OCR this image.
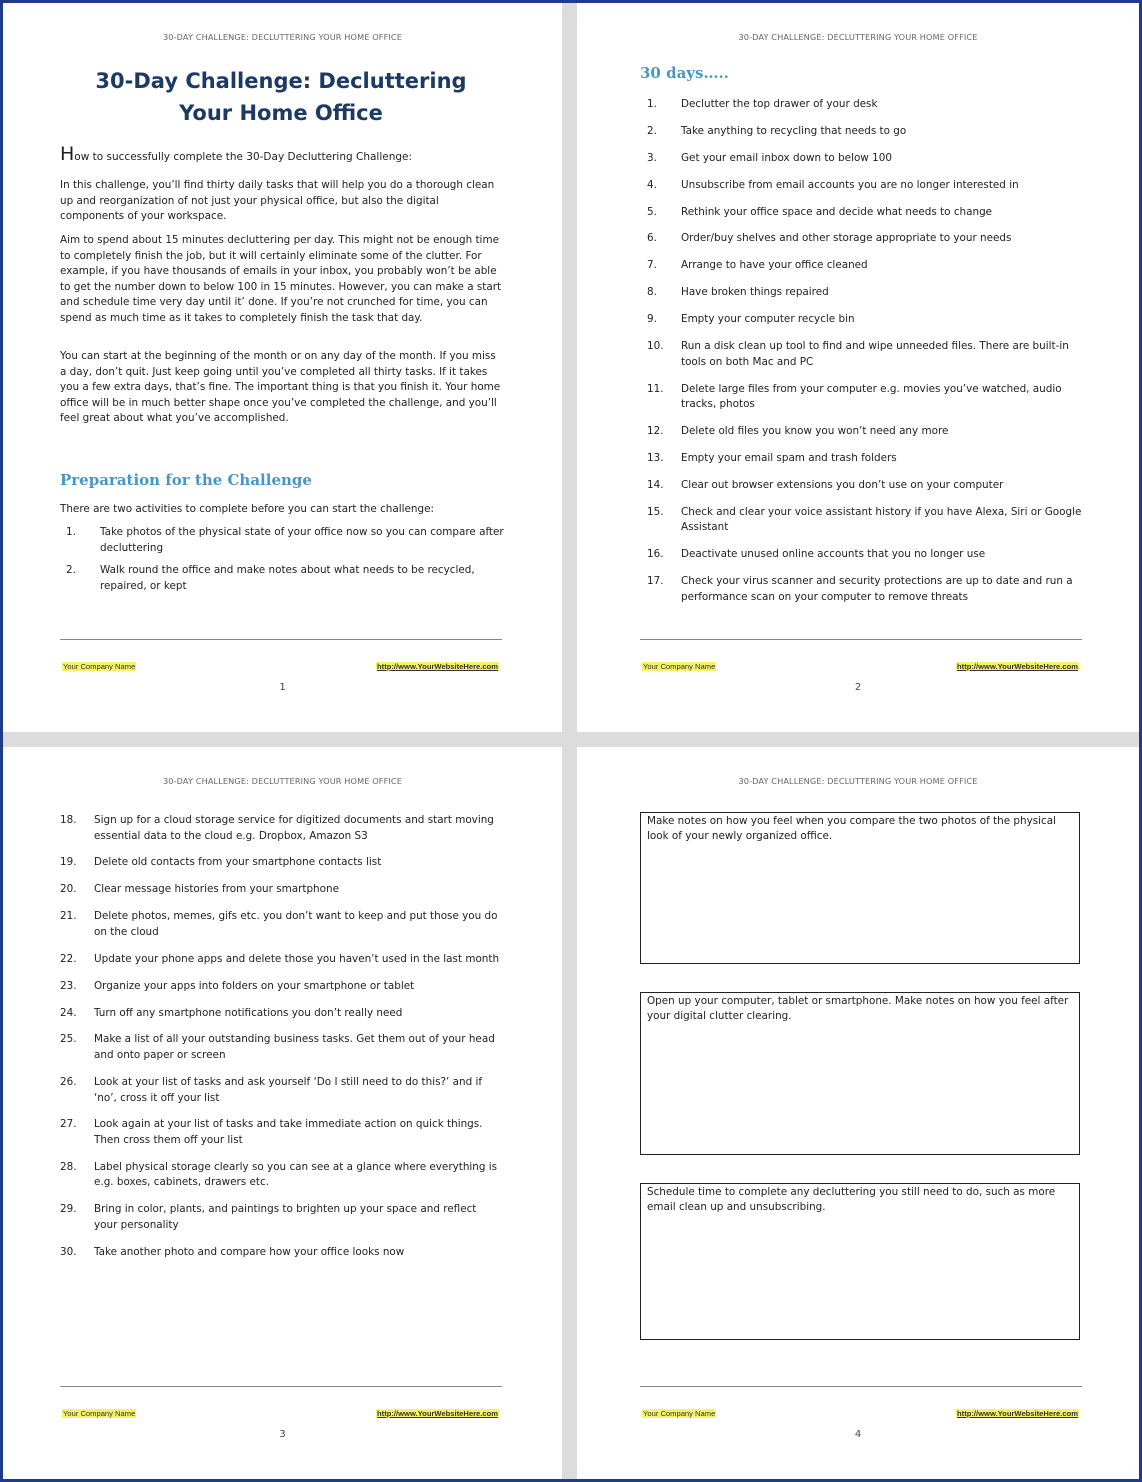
30-DAY CHALLENGE: DECLUTTERING YOUR HOME OFFICE
30-Day Challenge: Decluttering
Your Home Office
How to successfully complete the 30-Day Decluttering Challenge:

In this challenge, you’ll find thirty daily tasks that will help you do a thorough clean up and reorganization of not just your physical office, but also the digital components of your workspace.

Aim to spend about 15 minutes decluttering per day. This might not be enough time to completely finish the job, but it will certainly eliminate some of the clutter. For example, if you have thousands of emails in your inbox, you probably won’t be able to get the number down to below 100 in 15 minutes. However, you can make a start and schedule time very day until it’ done. If you’re not crunched for time, you can spend as much time as it takes to completely finish the task that day.

You can start at the beginning of the month or on any day of the month. If you miss a day, don’t quit. Just keep going until you’ve completed all thirty tasks. If it takes you a few extra days, that’s fine. The important thing is that you finish it. Your home office will be in much better shape once you’ve completed the challenge, and you’ll feel great about what you’ve accomplished.

Preparation for the Challenge

There are two activities to complete before you can start the challenge:

1.	Take photos of the physical state of your office now so you can compare after decluttering
2.	Walk round the office and make notes about what needs to be recycled, repaired, or kept
Your Company Name	http://www.YourWebsiteHere.com
1
30-DAY CHALLENGE: DECLUTTERING YOUR HOME OFFICE
30 days…..
1.	Declutter the top drawer of your desk
2.	Take anything to recycling that needs to go
3.	Get your email inbox down to below 100
4.	Unsubscribe from email accounts you are no longer interested in
5.	Rethink your office space and decide what needs to change
6.	Order/buy shelves and other storage appropriate to your needs
7.	Arrange to have your office cleaned
8.	Have broken things repaired
9.	Empty your computer recycle bin
10.	Run a disk clean up tool to find and wipe unneeded files. There are built-in tools on both Mac and PC
11.	Delete large files from your computer e.g. movies you’ve watched, audio tracks, photos
12.	Delete old files you know you won’t need any more
13.	Empty your email spam and trash folders
14.	Clear out browser extensions you don’t use on your computer
15.	Check and clear your voice assistant history if you have Alexa, Siri or Google Assistant
16.	Deactivate unused online accounts that you no longer use
17.	Check your virus scanner and security protections are up to date and run a performance scan on your computer to remove threats
Your Company Name	http://www.YourWebsiteHere.com
2
30-DAY CHALLENGE: DECLUTTERING YOUR HOME OFFICE
18.	Sign up for a cloud storage service for digitized documents and start moving essential data to the cloud e.g. Dropbox, Amazon S3
19.	Delete old contacts from your smartphone contacts list
20.	Clear message histories from your smartphone
21.	Delete photos, memes, gifs etc. you don’t want to keep and put those you do on the cloud
22.	Update your phone apps and delete those you haven’t used in the last month
23.	Organize your apps into folders on your smartphone or tablet
24.	Turn off any smartphone notifications you don’t really need
25.	Make a list of all your outstanding business tasks. Get them out of your head and onto paper or screen
26.	Look at your list of tasks and ask yourself ‘Do I still need to do this?’ and if ‘no’, cross it off your list
27.	Look again at your list of tasks and take immediate action on quick things. Then cross them off your list
28.	Label physical storage clearly so you can see at a glance where everything is e.g. boxes, cabinets, drawers etc.
29.	Bring in color, plants, and paintings to brighten up your space and reflect your personality
30.	Take another photo and compare how your office looks now
Your Company Name	http://www.YourWebsiteHere.com
3
30-DAY CHALLENGE: DECLUTTERING YOUR HOME OFFICE
Make notes on how you feel when you compare the two photos of the physical look of your newly organized office.
Open up your computer, tablet or smartphone. Make notes on how you feel after your digital clutter clearing.
Schedule time to complete any decluttering you still need to do, such as more email clean up and unsubscribing.
Your Company Name	http://www.YourWebsiteHere.com
4
